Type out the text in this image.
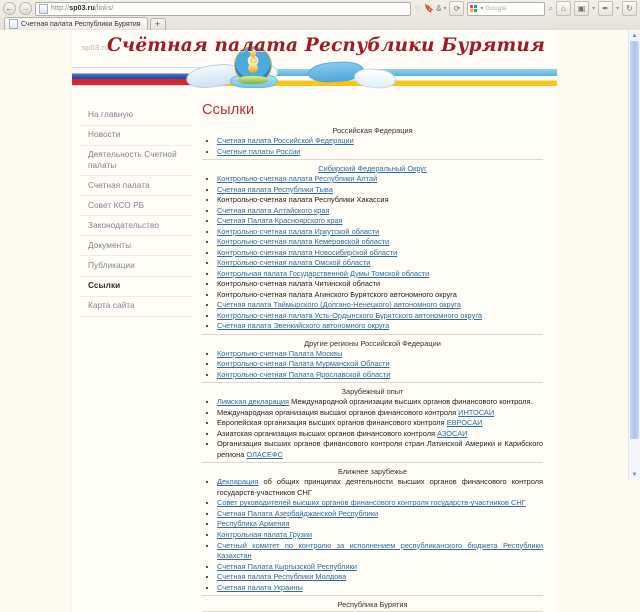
← →	http://sp03.ru/links/	☆ 🔖 & ▾ ⟳	▾ Google	⌕ ⌂ ▣ ▾ ✒ ▾ ↻
Счетная палата Республики Бурятия +
sp03.ru
Счётная палата Республики Бурятия
На главную
Новости
Деятельность Счетной палаты
Счетная палата
Совет КСО РБ
Законодательство
Документы
Публикации
Ссылки
Карта сайта
Ссылки
Российская Федерация
• Счетная палата Российской Федерации
• Счетные палаты России
Сибирский Федеральный Округ
• Контрольно-счетная палата Республики Алтай
• Счетная палата Республики Тыва
• Контрольно-счетная палата Республики Хакассия
• Счетная палата Алтайского края
• Счетная Палата Красноярского края
• Контрольно-счетная палата Иркутской области
• Контрольно-счетная палата Кемеровской области
• Контрольно-счетная палата Новосибирской области
• Контрольно-счетная палата Омской области
• Контрольная палата Государственной Думы Томской области
• Контрольно-счетная палата Читинской области
• Контрольно-счетная палата Агинского Бурятского автономного округа
• Счетная палата Таймырского (Долгано-Ненецкого) автономного округа
• Контрольно-счетная палата Усть-Ордынского Бурятского автономного округа
• Счетная палата Эвенкийского автономного округа
Другие регионы Российской Федерации
• Контрольно-счетная Палата Москвы
• Контрольно-счетная Палата Мурманской Области
• Контрольно-счетная Палата Ярославской области
Зарубежный опыт
• Лимская декларация Международной организации высших органов финансового контроля.
• Международная организация высших органов финансового контроля ИНТОСАИ
• Европейская организация высших органов финансового контроля ЕВРОСАИ
• Азиатская организация высших органов финансового контроля АЗОСАИ
• Организация высших органов финансового контроля стран Латинской Америки и Карибского региона ОЛАСЕФС
Ближнее зарубежье
• Декларация об общих принципах деятельности высших органов финансового контроля государств-участников СНГ
• Совет руководителей высших органов финансового контроля государств-участников СНГ
• Счетная Палата Азербайджанской Республики
• Республика Армения
• Контрольная палата Грузии
• Счетный комитет по контролю за исполнением республиканского бюджета Республики Казахстан
• Счетная Палата Кыргызской Республики
• Счетная палата Республики Молдова
• Счетная палата Украины
Республика Бурятия
▲
▼
